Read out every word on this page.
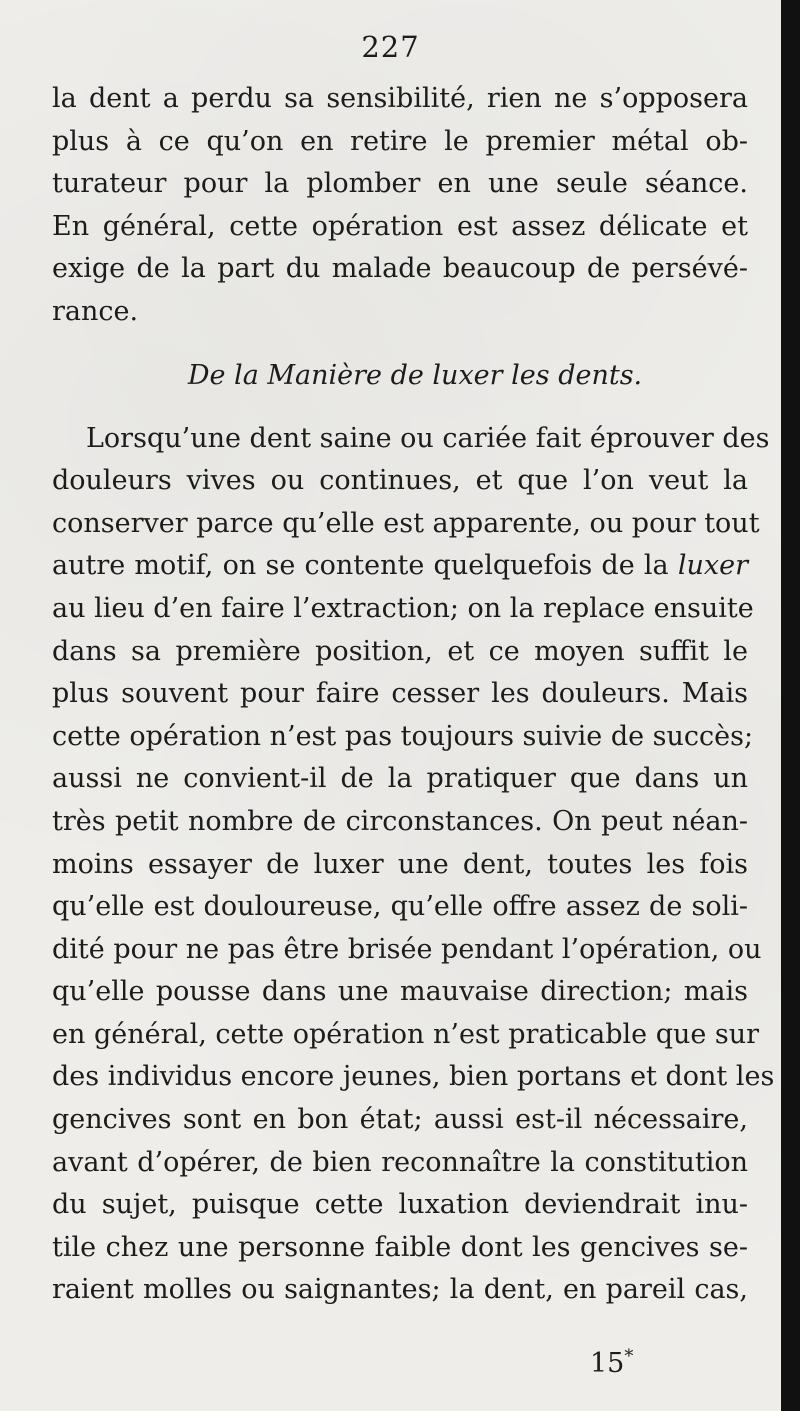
227
la dent a perdu sa sensibilité, rien ne s’opposera
plus à ce qu’on en retire le premier métal ob-
turateur pour la plomber en une seule séance.
En général, cette opération est assez délicate et
exige de la part du malade beaucoup de persévé-
rance.
De la Manière de luxer les dents.
Lorsqu’une dent saine ou cariée fait éprouver des
douleurs vives ou continues, et que l’on veut la
conserver parce qu’elle est apparente, ou pour tout
autre motif, on se contente quelquefois de la luxer
au lieu d’en faire l’extraction; on la replace ensuite
dans sa première position, et ce moyen suffit le
plus souvent pour faire cesser les douleurs. Mais
cette opération n’est pas toujours suivie de succès;
aussi ne convient-il de la pratiquer que dans un
très petit nombre de circonstances. On peut néan-
moins essayer de luxer une dent, toutes les fois
qu’elle est douloureuse, qu’elle offre assez de soli-
dité pour ne pas être brisée pendant l’opération, ou
qu’elle pousse dans une mauvaise direction; mais
en général, cette opération n’est praticable que sur
des individus encore jeunes, bien portans et dont les
gencives sont en bon état; aussi est-il nécessaire,
avant d’opérer, de bien reconnaître la constitution
du sujet, puisque cette luxation deviendrait inu-
tile chez une personne faible dont les gencives se-
raient molles ou saignantes; la dent, en pareil cas,
15*
